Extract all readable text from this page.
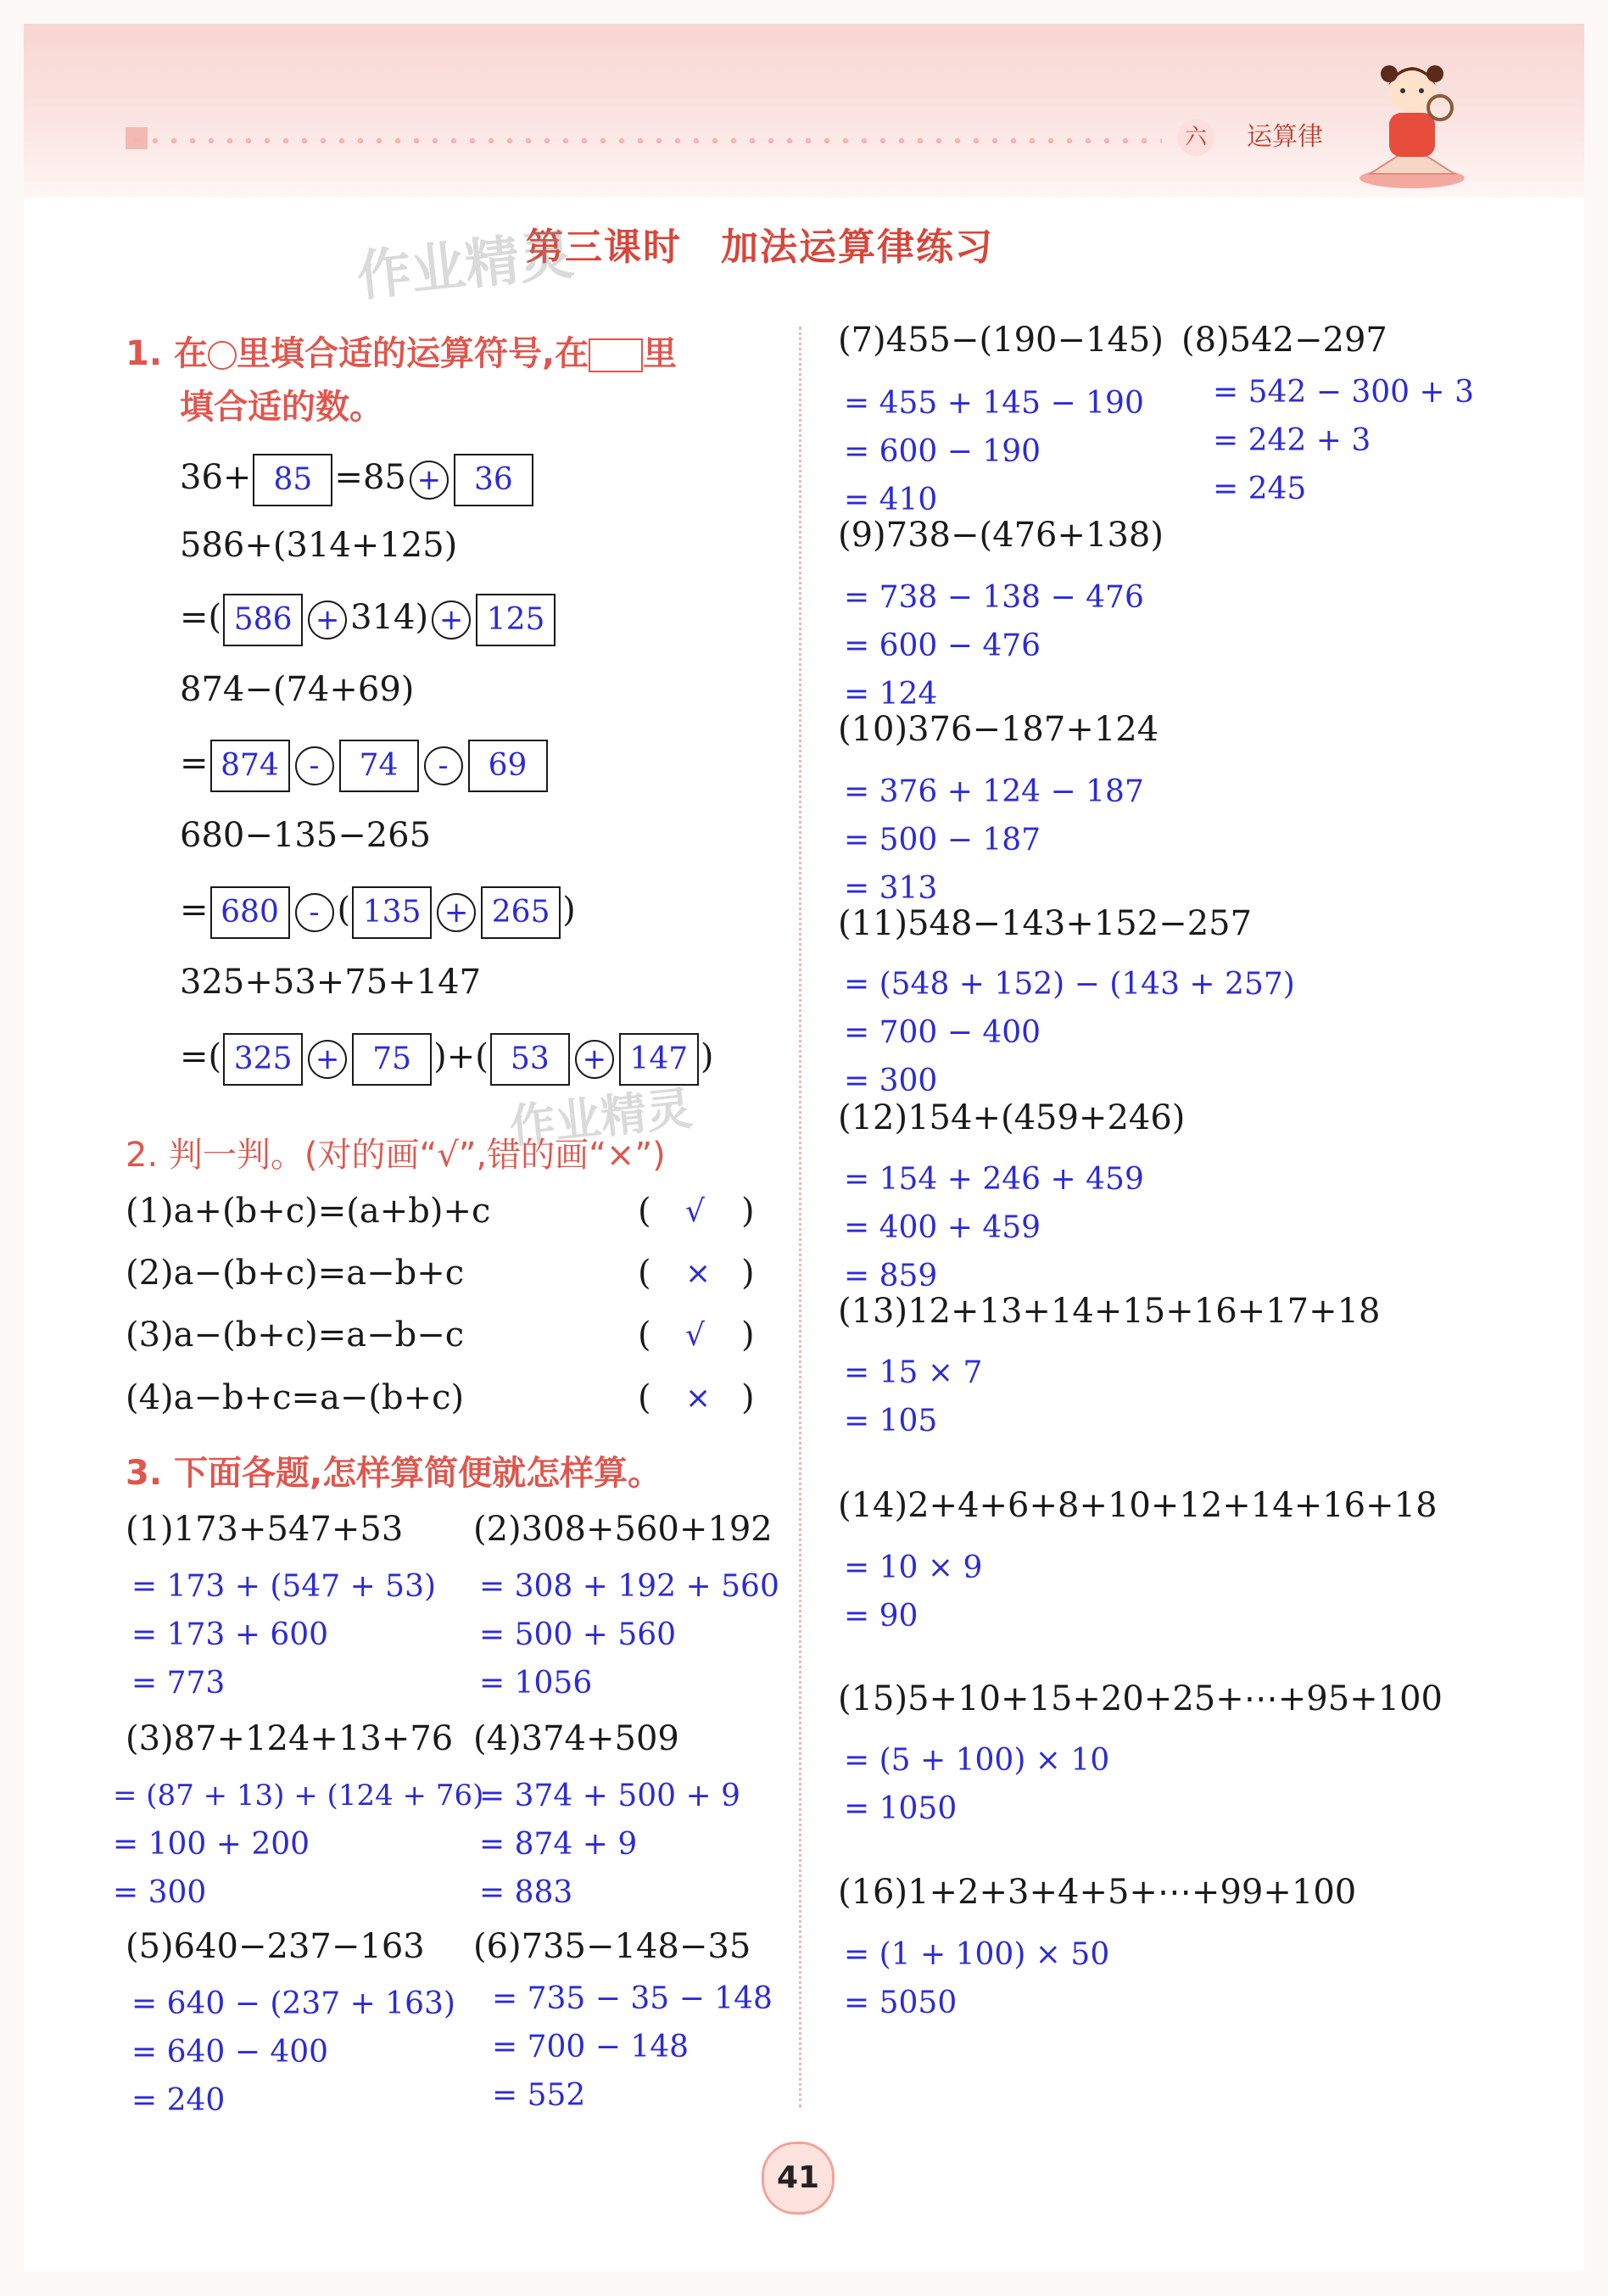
六	运算律
第三课时　加法运算律练习
作业精灵
作业精灵
1. 在 里填合适的运算符号,在 里
填合适的数。
36+ 85 =85 + 36
586+(314+125)
=( 586 + 314) + 125
874−(74+69)
= 874 - 74 - 69
680−135−265
= 680 - ( 135 + 265 )
325+53+75+147
=( 325 + 75 )+( 53 + 147 )
2. 判一判。(对的画“√”,错的画“×”)
(1)a+(b+c)=(a+b)+c	( √ )
(2)a−(b+c)=a−b+c	( × )
(3)a−(b+c)=a−b−c	( √ )
(4)a−b+c=a−(b+c)	( × )
3. 下面各题,怎样算简便就怎样算。
(1)173+547+53
= 173 + (547 + 53)
= 173 + 600
= 773
(2)308+560+192
= 308 + 192 + 560
= 500 + 560
= 1056
(3)87+124+13+76
= (87 + 13) + (124 + 76)
= 100 + 200
= 300
(4)374+509
= 374 + 500 + 9
= 874 + 9
= 883
(5)640−237−163
= 640 − (237 + 163)
= 640 − 400
= 240
(6)735−148−35
= 735 − 35 − 148
= 700 − 148
= 552
(7)455−(190−145)
= 455 + 145 − 190
= 600 − 190
= 410
(8)542−297
= 542 − 300 + 3
= 242 + 3
= 245
(9)738−(476+138)
= 738 − 138 − 476
= 600 − 476
= 124
(10)376−187+124
= 376 + 124 − 187
= 500 − 187
= 313
(11)548−143+152−257
= (548 + 152) − (143 + 257)
= 700 − 400
= 300
(12)154+(459+246)
= 154 + 246 + 459
= 400 + 459
= 859
(13)12+13+14+15+16+17+18
= 15 × 7
= 105
(14)2+4+6+8+10+12+14+16+18
= 10 × 9
= 90
(15)5+10+15+20+25+⋯+95+100
= (5 + 100) × 10
= 1050
(16)1+2+3+4+5+⋯+99+100
= (1 + 100) × 50
= 5050
41
